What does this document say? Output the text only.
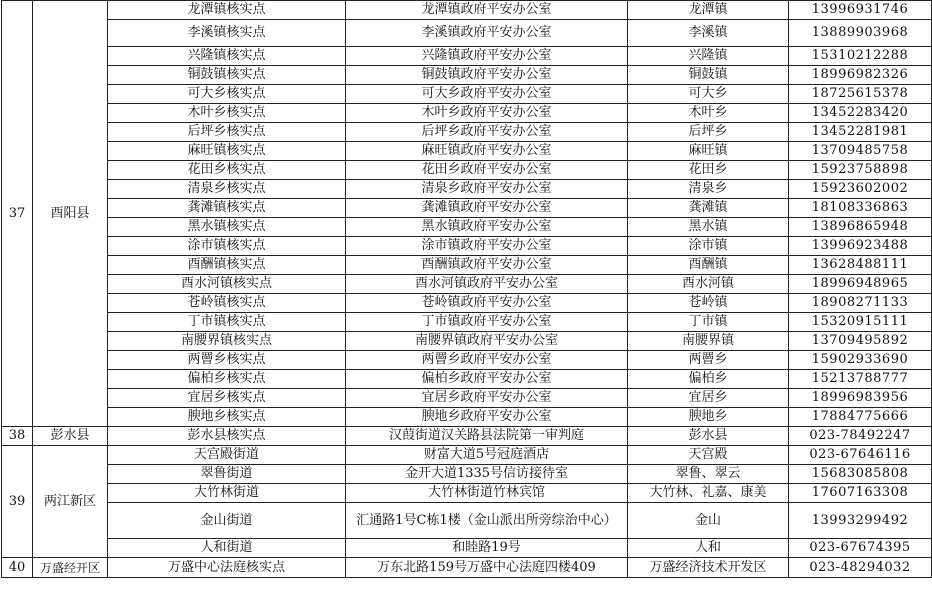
37	酉阳县	龙潭镇核实点	龙潭镇政府平安办公室	龙潭镇	13996931746
		李溪镇核实点	李溪镇政府平安办公室	李溪镇	13889903968
		兴隆镇核实点	兴隆镇政府平安办公室	兴隆镇	15310212288
		铜鼓镇核实点	铜鼓镇政府平安办公室	铜鼓镇	18996982326
		可大乡核实点	可大乡政府平安办公室	可大乡	18725615378
		木叶乡核实点	木叶乡政府平安办公室	木叶乡	13452283420
		后坪乡核实点	后坪乡政府平安办公室	后坪乡	13452281981
		麻旺镇核实点	麻旺镇政府平安办公室	麻旺镇	13709485758
		花田乡核实点	花田乡政府平安办公室	花田乡	15923758898
		清泉乡核实点	清泉乡政府平安办公室	清泉乡	15923602002
		龚滩镇核实点	龚滩镇政府平安办公室	龚滩镇	18108336863
		黑水镇核实点	黑水镇政府平安办公室	黑水镇	13896865948
		涂市镇核实点	涂市镇政府平安办公室	涂市镇	13996923488
		酉酬镇核实点	酉酬镇政府平安办公室	酉酬镇	13628488111
		酉水河镇核实点	酉水河镇政府平安办公室	酉水河镇	18996948965
		苍岭镇核实点	苍岭镇政府平安办公室	苍岭镇	18908271133
		丁市镇核实点	丁市镇政府平安办公室	丁市镇	15320915111
		南腰界镇核实点	南腰界镇政府平安办公室	南腰界镇	13709495892
		两罾乡核实点	两罾乡政府平安办公室	两罾乡	15902933690
		偏柏乡核实点	偏柏乡政府平安办公室	偏柏乡	15213788777
		宜居乡核实点	宜居乡政府平安办公室	宜居乡	18996983956
		腴地乡核实点	腴地乡政府平安办公室	腴地乡	17884775666
38	彭水县	彭水县核实点	汉葭街道汉关路县法院第一审判庭	彭水县	023-78492247
39	两江新区	天宫殿街道	财富大道5号冠庭酒店	天宫殿	023-67646116
		翠鲁街道	金开大道1335号信访接待室	翠鲁、翠云	15683085808
		大竹林街道	大竹林街道竹林宾馆	大竹林、礼嘉、康美	17607163308
		金山街道	汇通路1号C栋1楼（金山派出所旁综治中心）	金山	13993299492
		人和街道	和睦路19号	人和	023-67674395
40	万盛经开区	万盛中心法庭核实点	万东北路159号万盛中心法庭四楼409	万盛经济技术开发区	023-48294032
